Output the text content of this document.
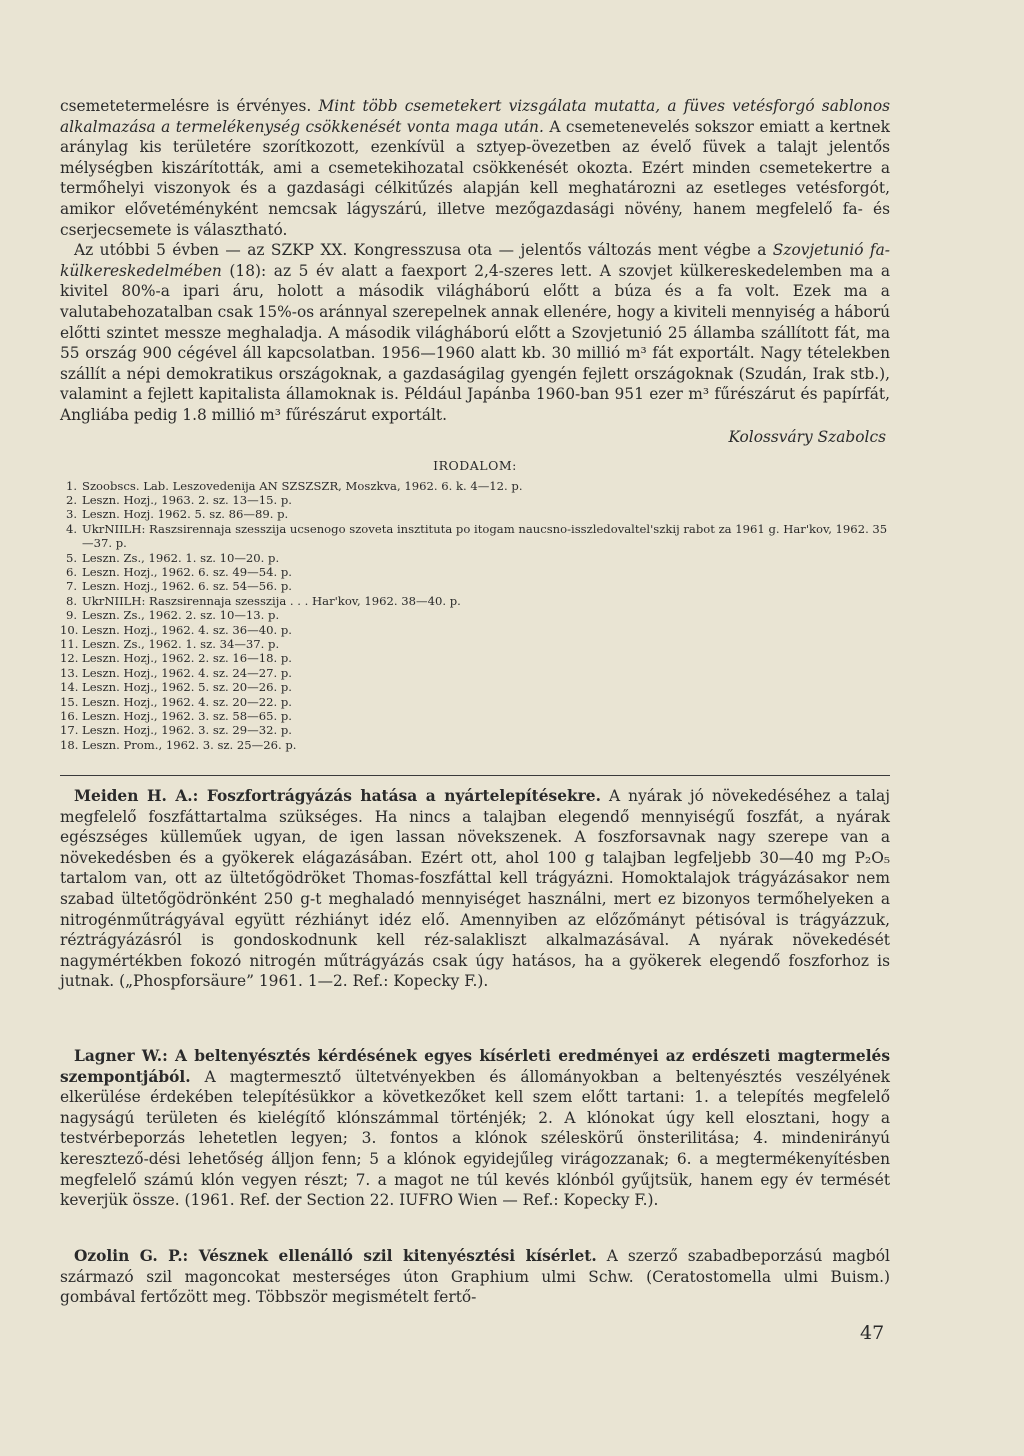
csemetetermelésre is érvényes. Mint több csemetekert vizsgálata mutatta, a füves vetésforgó sablonos alkalmazása a termelékenység csökkenését vonta maga után. A csemetenevelés sokszor emiatt a kertnek aránylag kis területére szorítkozott, ezenkívül a sztyep-övezetben az évelő füvek a talajt jelentős mélységben kiszárították, ami a csemetekihozatal csökkenését okozta. Ezért minden csemetekertre a termőhelyi viszonyok és a gazdasági célkitűzés alapján kell meghatározni az esetleges vetésforgót, amikor elővetéményként nemcsak lágyszárú, illetve mezőgazdasági növény, hanem megfelelő fa- és cserjecsemete is választható.

Az utóbbi 5 évben — az SZKP XX. Kongresszusa ota — jelentős változás ment végbe a Szovjetunió fa-külkereskedelmében (18): az 5 év alatt a faexport 2,4-szeres lett. A szovjet külkereskedelemben ma a kivitel 80%-a ipari áru, holott a második világháború előtt a búza és a fa volt. Ezek ma a valutabehozatalban csak 15%-os aránnyal szerepelnek annak ellenére, hogy a kiviteli mennyiség a háború előtti szintet messze meghaladja. A második világháború előtt a Szovjetunió 25 államba szállított fát, ma 55 ország 900 cégével áll kapcsolatban. 1956—1960 alatt kb. 30 millió m³ fát exportált. Nagy tételekben szállít a népi demokratikus országoknak, a gazdaságilag gyengén fejlett országoknak (Szudán, Irak stb.), valamint a fejlett kapitalista államoknak is. Például Japánba 1960-ban 951 ezer m³ fűrészárut és papírfát, Angliába pedig 1.8 millió m³ fűrészárut exportált.

Kolossváry Szabolcs

IRODALOM:
1. Szoobscs. Lab. Leszovedenija AN SZSZSZR, Moszkva, 1962. 6. k. 4—12. p.
2. Leszn. Hozj., 1963. 2. sz. 13—15. p.
3. Leszn. Hozj. 1962. 5. sz. 86—89. p.
4. UkrNIILH: Raszsirennaja szesszija ucsenogo szoveta insztituta po itogam naucsno-isszledovaltel'szkij rabot za 1961 g. Har'kov, 1962. 35—37. p.
5. Leszn. Zs., 1962. 1. sz. 10—20. p.
6. Leszn. Hozj., 1962. 6. sz. 49—54. p.
7. Leszn. Hozj., 1962. 6. sz. 54—56. p.
8. UkrNIILH: Raszsirennaja szesszija . . . Har'kov, 1962. 38—40. p.
9. Leszn. Zs., 1962. 2. sz. 10—13. p.
10. Leszn. Hozj., 1962. 4. sz. 36—40. p.
11. Leszn. Zs., 1962. 1. sz. 34—37. p.
12. Leszn. Hozj., 1962. 2. sz. 16—18. p.
13. Leszn. Hozj., 1962. 4. sz. 24—27. p.
14. Leszn. Hozj., 1962. 5. sz. 20—26. p.
15. Leszn. Hozj., 1962. 4. sz. 20—22. p.
16. Leszn. Hozj., 1962. 3. sz. 58—65. p.
17. Leszn. Hozj., 1962. 3. sz. 29—32. p.
18. Leszn. Prom., 1962. 3. sz. 25—26. p.

Meiden H. A.: Foszfortrágyázás hatása a nyártelepítésekre. A nyárak jó növekedéséhez a talaj megfelelő foszfáttartalma szükséges. Ha nincs a talajban elegendő mennyiségű foszfát, a nyárak egészséges külleműek ugyan, de igen lassan növekszenek. A foszforsavnak nagy szerepe van a növekedésben és a gyökerek elágazásában. Ezért ott, ahol 100 g talajban legfeljebb 30—40 mg P₂O₅ tartalom van, ott az ültetőgödröket Thomas-foszfáttal kell trágyázni. Homoktalajok trágyázásakor nem szabad ültetőgödrönként 250 g-t meghaladó mennyiséget használni, mert ez bizonyos termőhelyeken a nitrogénműtrágyával együtt rézhiányt idéz elő. Amennyiben az előzőmányt pétisóval is trágyázzuk, réztrágyázásról is gondoskodnunk kell réz-salakliszt alkalmazásával. A nyárak növekedését nagymértékben fokozó nitrogén műtrágyázás csak úgy hatásos, ha a gyökerek elegendő foszforhoz is jutnak. („Phospforsäure” 1961. 1—2. Ref.: Kopecky F.).

Lagner W.: A beltenyésztés kérdésének egyes kísérleti eredményei az erdészeti magtermelés szempontjából. A magtermesztő ültetvényekben és állományokban a beltenyésztés veszélyének elkerülése érdekében telepítésükkor a következőket kell szem előtt tartani: 1. a telepítés megfelelő nagyságú területen és kielégítő klónszámmal történjék; 2. A klónokat úgy kell elosztani, hogy a testvérbeporzás lehetetlen legyen; 3. fontos a klónok széleskörű önsterilitása; 4. mindenirányú keresztező-dési lehetőség álljon fenn; 5 a klónok egyidejűleg virágozzanak; 6. a megtermékenyítésben megfelelő számú klón vegyen részt; 7. a magot ne túl kevés klónból gyűjtsük, hanem egy év termését keverjük össze. (1961. Ref. der Section 22. IUFRO Wien — Ref.: Kopecky F.).

Ozolin G. P.: Vésznek ellenálló szil kitenyésztési kísérlet. A szerző szabadbeporzású magból származó szil magoncokat mesterséges úton Graphium ulmi Schw. (Ceratostomella ulmi Buism.) gombával fertőzött meg. Többször megismételt fertő-

47
